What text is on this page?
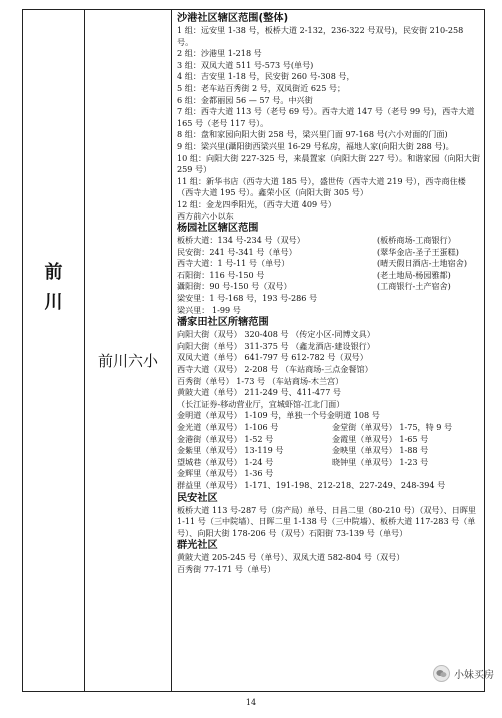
前
川
前川六小
沙港社区辖区范围(整体)
1 组：远安里 1-38 号，板桥大道 2-132，236-322 号双号)，民安街 210-258 号。
2 组：沙港里 1-218 号
3 组：双凤大道 511 号-573 号(单号)
4 组：吉安里 1-18 号，民安街 260 号-308 号，
5 组：老车站百秀街 2 号，双凤街近 625 号；
6 组：金都丽园 56 — 57 号。中兴街
7 组：西寺大道 113 号（老号 69 号）。西寺大道 147 号（老号 99 号)，西寺大道 165 号（老号 117 号）。
8 组：盘和家园向阳大街 258 号，梁兴里门面 97-168 号(六小对面的门面)
9 组：梁兴里(灄阳街西梁兴里 16-29 号私房，福地人家(向阳大街 288 号)。
10 组：向阳大街 227-325 号，来晨置家（向阳大街 227 号）。和谐家园（向阳大街 259 号）
11 组：新华书店（西寺大道 185 号），盛世传（西寺大道 219 号），西寺商住楼（西寺大道 195 号）。鑫荣小区（向阳大街 305 号）
12 组：金龙四季阳光，（西寺大道 409 号）
西方前六小以东
杨园社区辖区范围
板桥大道：134 号-234 号（双号）	(板桥商场-工商银行）
民安街：241 号-341 号（单号）	(翠华金店-圣子王蛋糕)
西寺大道：1 号-11 号（单号）	(晴天假日酒店-土地宿舍)
石阳街：116 号-150 号	(老土地局-杨园雅都)
灄阳街：90 号-150 号（双号）	(工商银行-土产宿舍)
梁安里：1 号-168 号，193 号-286 号
梁兴里： 1-99 号
潘家田社区所辖范围
向阳大街（双号） 320-408 号 （传定小区-同博文具）
向阳大街（单号） 311-375 号 （鑫龙酒店-建设银行）
双凤大道（单号） 641-797 号 612-782 号（双号）
西寺大道（双号） 2-208 号 （车站商场-三点金餐馆）
百秀街（单号） 1-73 号 （车站商场-木兰宫）
黄陂大道（单号） 211-249 号、411-477 号
（长江证券-移动营业厅，宜城虾馆-江北门面）
金明道（单双号） 1-109 号，单独一个号金明道 108 号
金光道（单双号） 1-106 号	金堂街（单双号） 1-75，特 9 号
金港街（单双号） 1-52 号	金霞里（单双号） 1-65 号
金紫里（单双号） 13-119 号	金映里（单双号） 1-88 号
望城巷（单双号） 1-24 号	晓钟里（单双号） 1-23 号
金辉里（单双号） 1-36 号
群益里（单双号） 1-171、191-198、212-218、227-249、248-394 号
民安社区
板桥大道 113 号-287 号（房产局）单号、日昌二里（80-210 号）（双号）、日晖里 1-11 号（三中院墙）、日晖二里 1-138 号（三中院墙）、板桥大道 117-283 号（单号）、向阳大街 178-206 号（双号）石阳街 73-139 号（单号）
群光社区
黄陂大道 205-245 号（单号）、双凤大道 582-804 号（双号）
百秀街 77-171 号（单号）
14
小妹买房
